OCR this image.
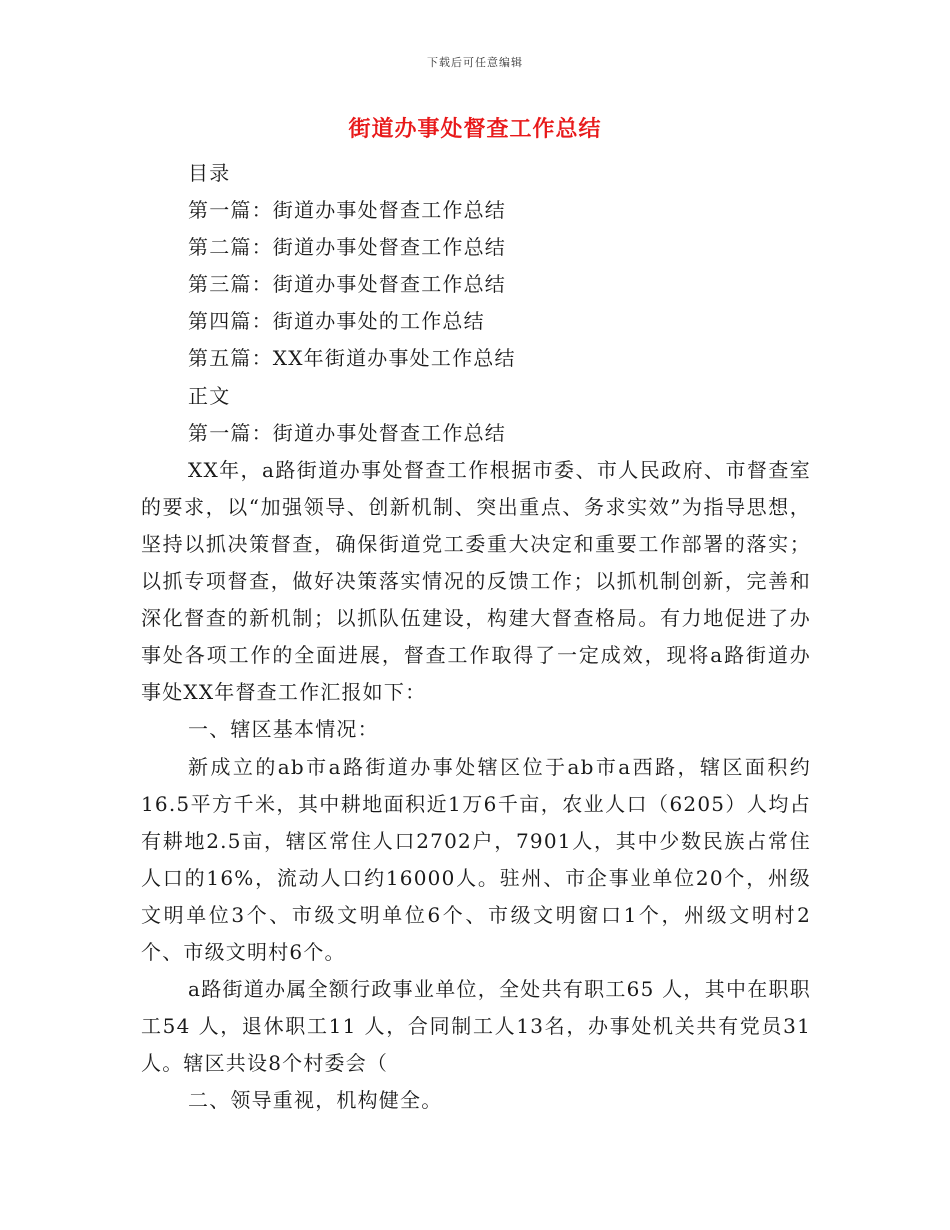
下载后可任意编辑
街道办事处督查工作总结

目录

第一篇：街道办事处督查工作总结

第二篇：街道办事处督查工作总结

第三篇：街道办事处督查工作总结

第四篇：街道办事处的工作总结

第五篇：XX年街道办事处工作总结

正文

第一篇：街道办事处督查工作总结

XX年，a路街道办事处督查工作根据市委、市人民政府、市督查室的要求，以“加强领导、创新机制、突出重点、务求实效”为指导思想，坚持以抓决策督查，确保街道党工委重大决定和重要工作部署的落实；以抓专项督查，做好决策落实情况的反馈工作；以抓机制创新，完善和深化督查的新机制；以抓队伍建设，构建大督查格局。有力地促进了办事处各项工作的全面进展，督查工作取得了一定成效，现将a路街道办事处XX年督查工作汇报如下：

一、辖区基本情况：

新成立的ab市a路街道办事处辖区位于ab市a西路，辖区面积约16.5平方千米，其中耕地面积近1万6千亩，农业人口（6205）人均占有耕地2.5亩，辖区常住人口2702户，7901人，其中少数民族占常住人口的16%，流动人口约16000人。驻州、市企事业单位20个，州级文明单位3个、市级文明单位6个、市级文明窗口1个，州级文明村2个、市级文明村6个。

a路街道办属全额行政事业单位，全处共有职工65 人，其中在职职工54 人，退休职工11 人，合同制工人13名，办事处机关共有党员31人。辖区共设8个村委会（

二、领导重视，机构健全。
